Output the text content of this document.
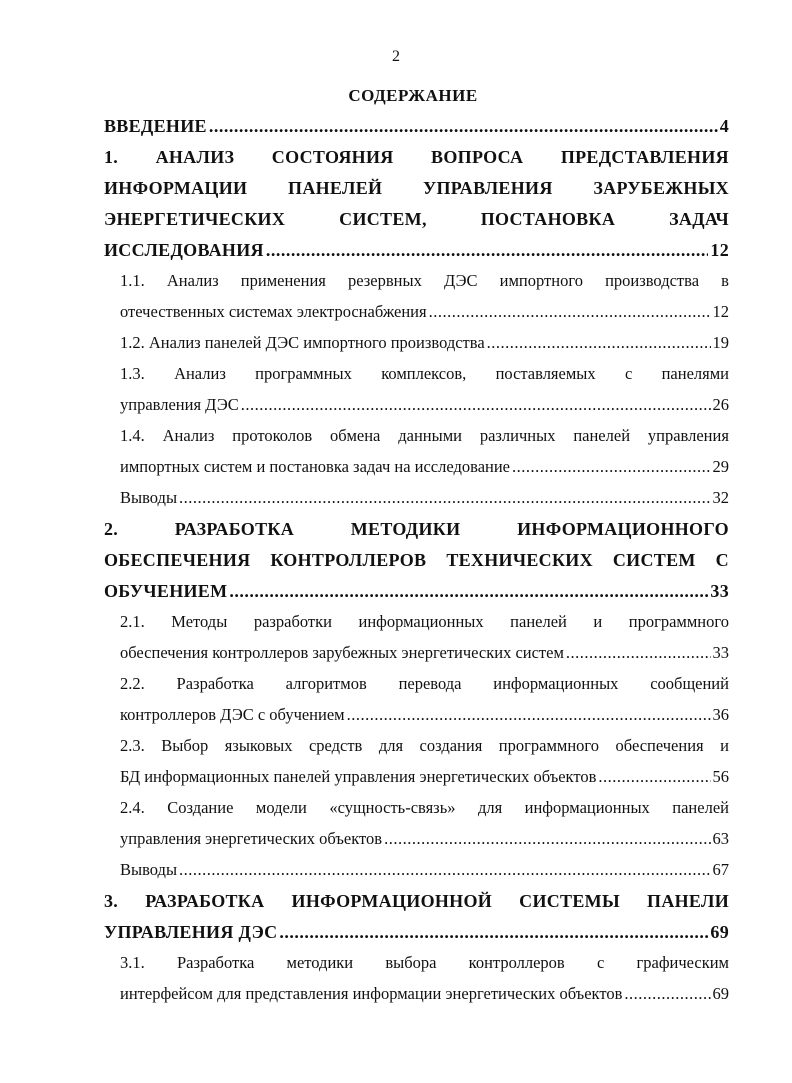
2
СОДЕРЖАНИЕ
ВВЕДЕНИЕ .....	4
1. АНАЛИЗ СОСТОЯНИЯ ВОПРОСА ПРЕДСТАВЛЕНИЯ
ИНФОРМАЦИИ ПАНЕЛЕЙ УПРАВЛЕНИЯ ЗАРУБЕЖНЫХ
ЭНЕРГЕТИЧЕСКИХ	СИСТЕМ,	ПОСТАНОВКА	ЗАДАЧ
ИССЛЕДОВАНИЯ .....	12
1.1. Анализ применения резервных ДЭС импортного производства в
отечественных системах электроснабжения .....	12
1.2. Анализ панелей ДЭС импортного производства .....	19
1.3. Анализ программных комплексов, поставляемых с панелями
управления ДЭС .....	26
1.4. Анализ протоколов обмена данными различных панелей управления
импортных систем и постановка задач на исследование .....	29
Выводы .....	32
2.	РАЗРАБОТКА	МЕТОДИКИ	ИНФОРМАЦИОННОГО
ОБЕСПЕЧЕНИЯ КОНТРОЛЛЕРОВ ТЕХНИЧЕСКИХ СИСТЕМ С
ОБУЧЕНИЕМ .....	33
2.1. Методы разработки информационных панелей и программного
обеспечения контроллеров зарубежных энергетических систем .....	33
2.2. Разработка алгоритмов перевода информационных сообщений
контроллеров ДЭС с обучением .....	36
2.3. Выбор языковых средств для создания программного обеспечения и
БД информационных панелей управления энергетических объектов .....	56
2.4. Создание модели «сущность-связь» для информационных панелей
управления энергетических объектов .....	63
Выводы .....	67
3. РАЗРАБОТКА ИНФОРМАЦИОННОЙ СИСТЕМЫ ПАНЕЛИ
УПРАВЛЕНИЯ ДЭС .....	69
3.1. Разработка методики выбора контроллеров с графическим
интерфейсом для представления информации энергетических объектов .....	69
